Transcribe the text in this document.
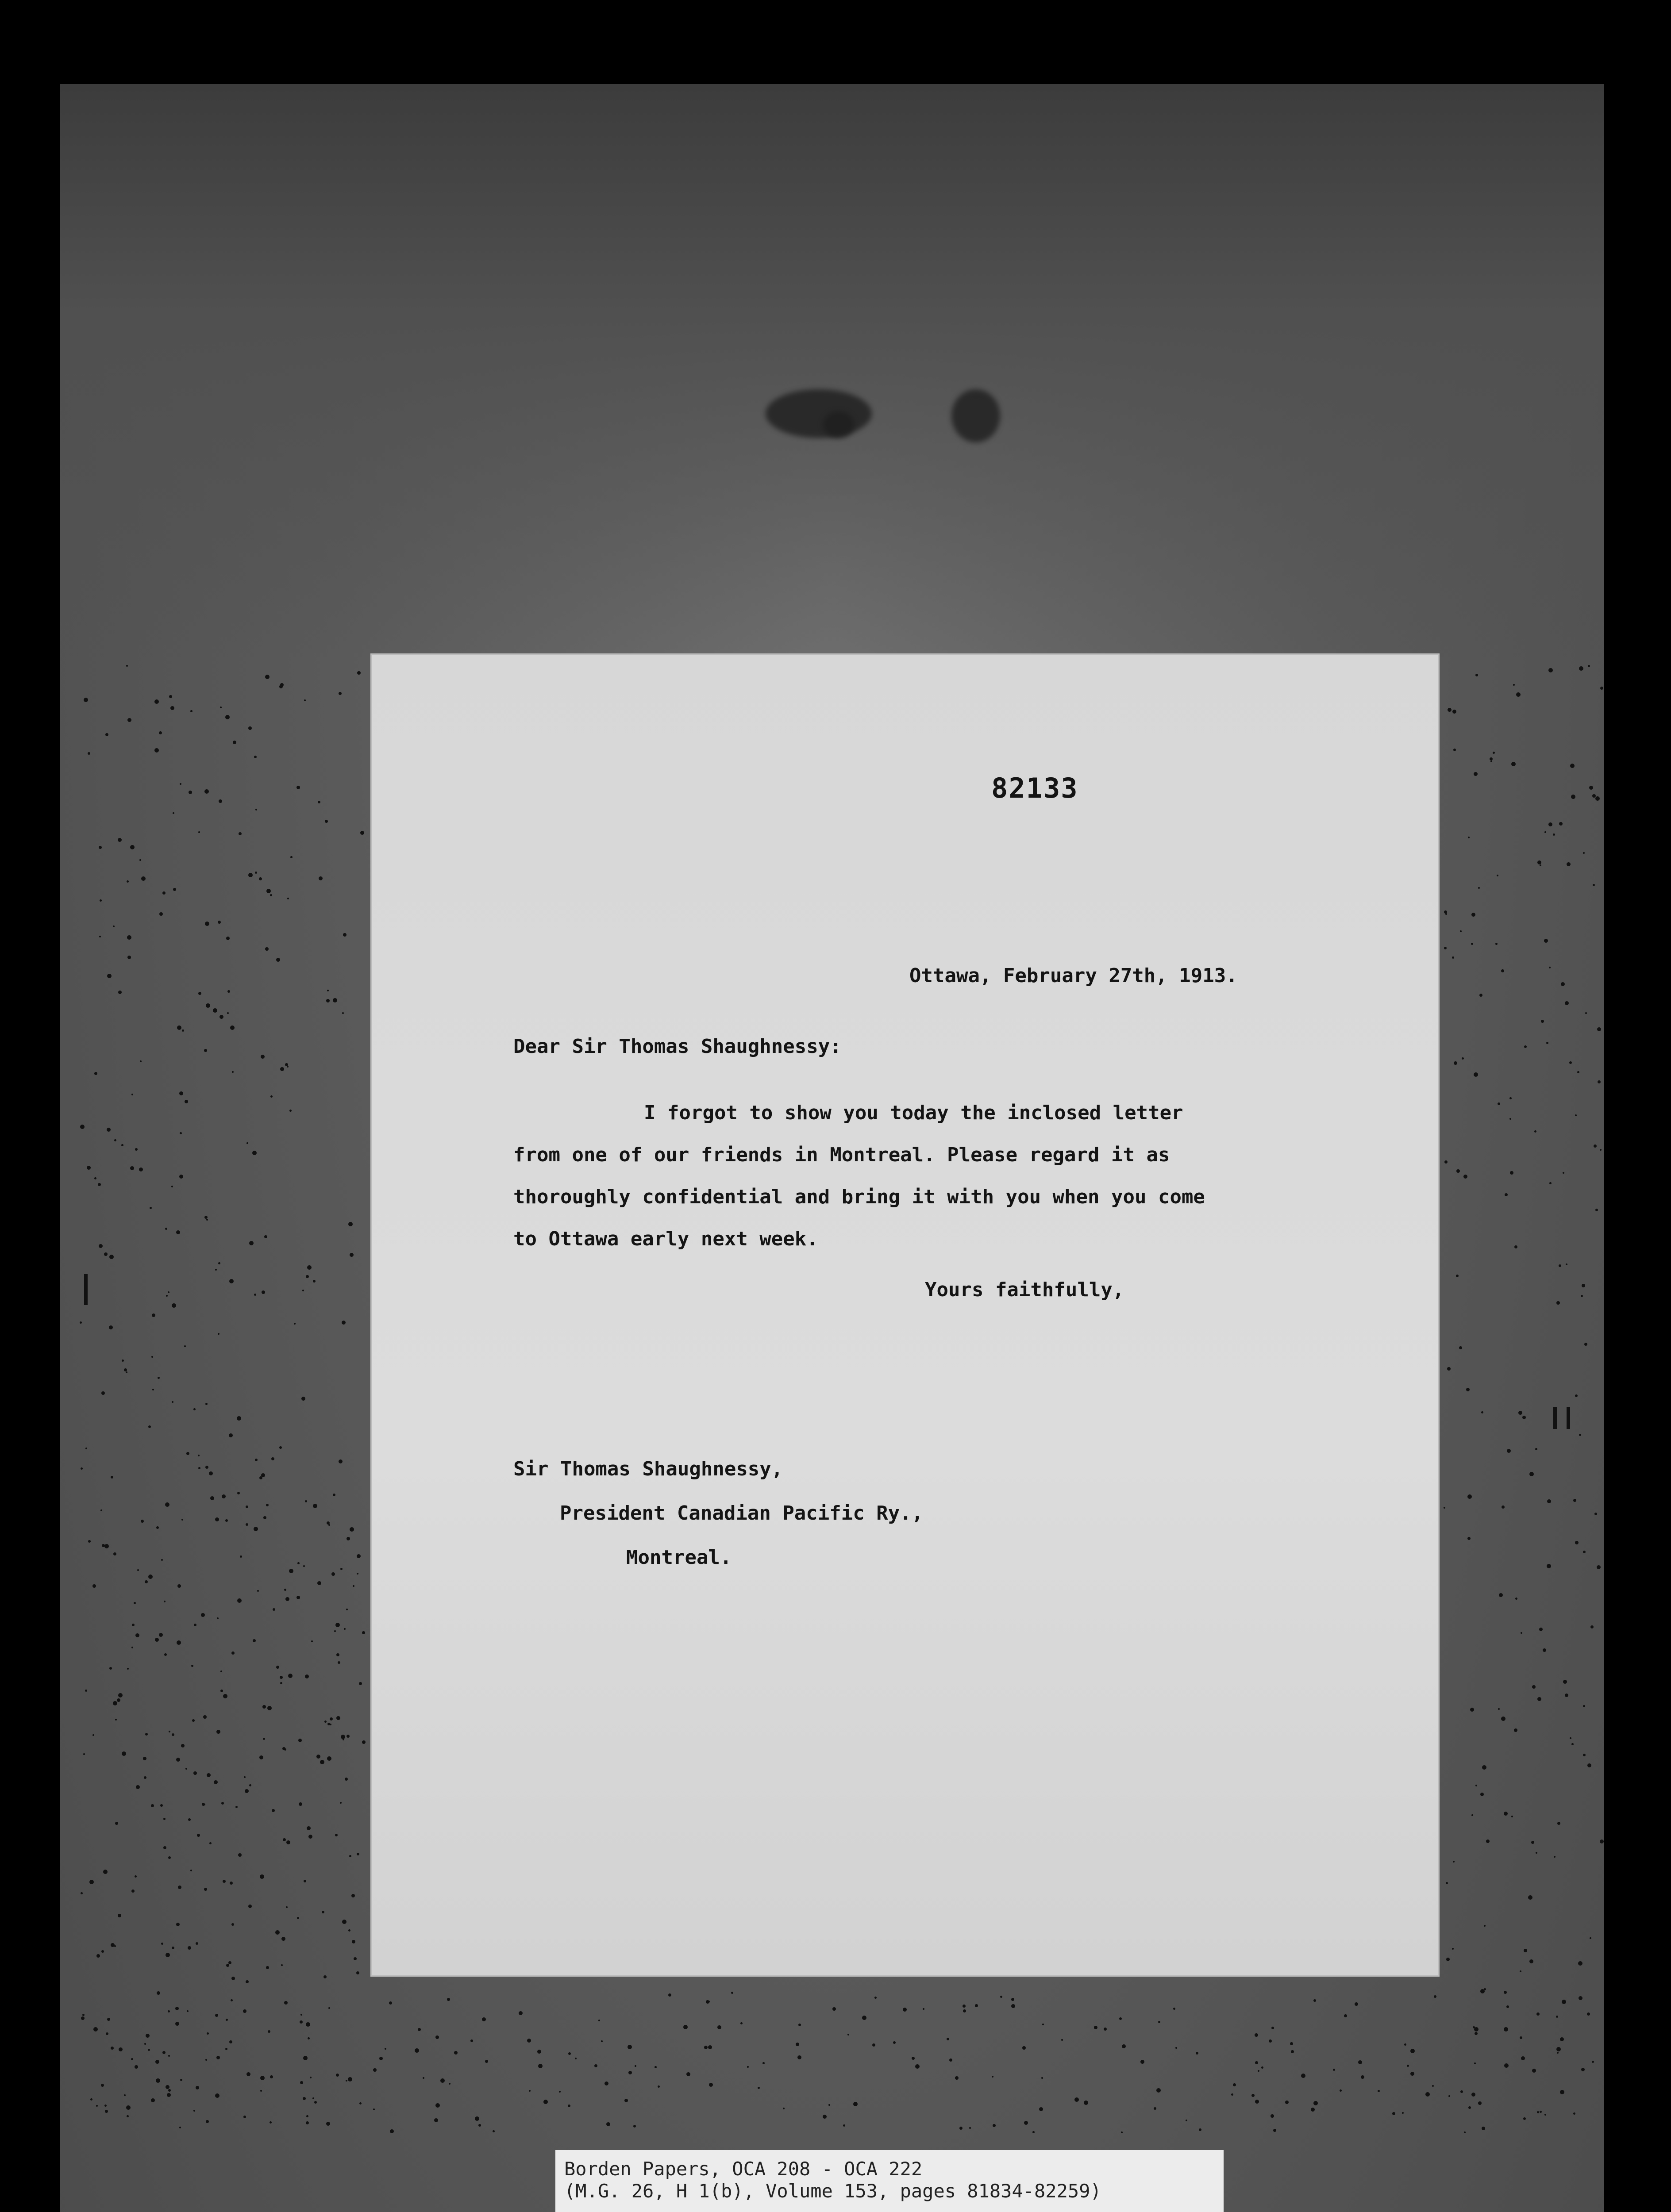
82133
Ottawa, February 27th, 1913.
Dear Sir Thomas Shaughnessy:
I forgot to show you today the inclosed letter
from one of our friends in Montreal. Please regard it as
thoroughly confidential and bring it with you when you come
to Ottawa early next week.
Yours faithfully,
Sir Thomas Shaughnessy,
President Canadian Pacific Ry.,
Montreal.
Borden Papers, OCA 208 - OCA 222
(M.G. 26, H 1(b), Volume 153, pages 81834-82259)
